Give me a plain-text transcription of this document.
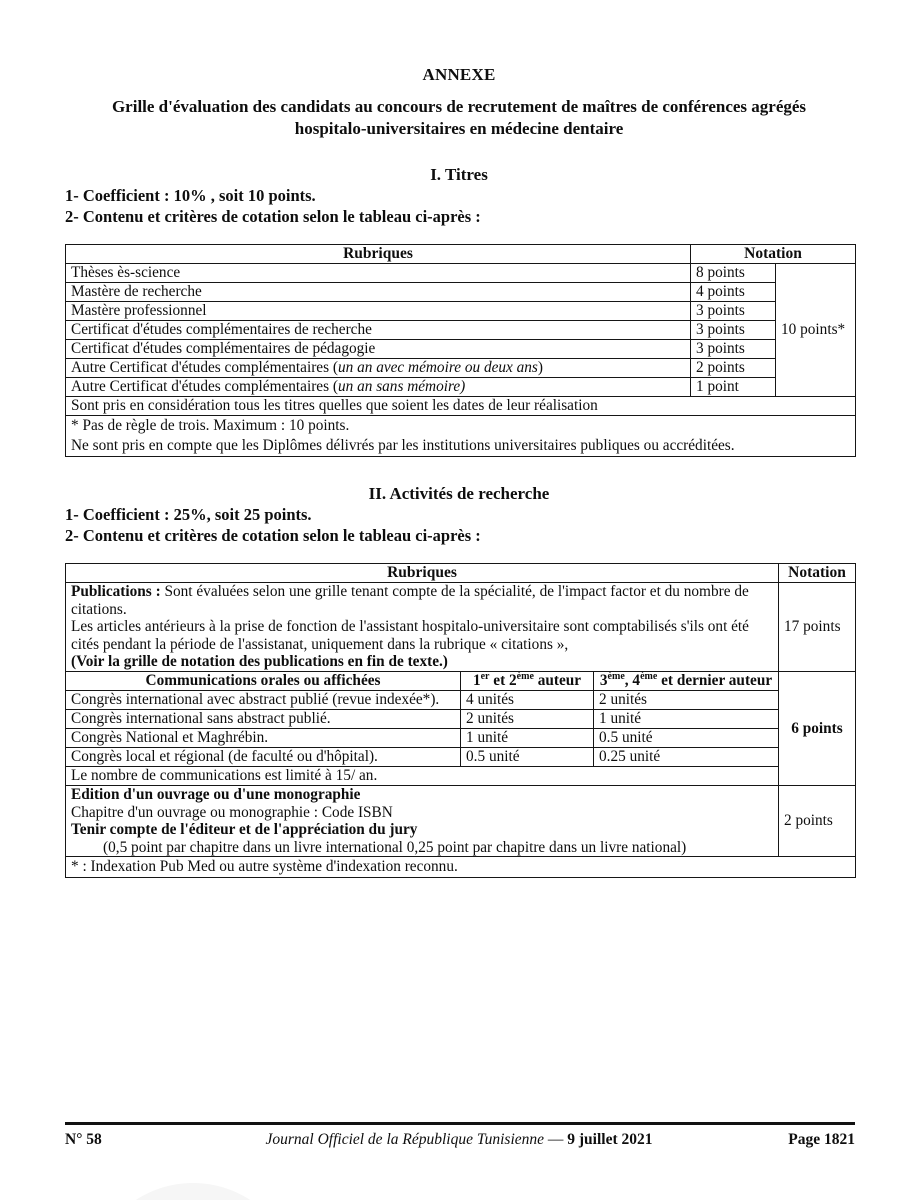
ANNEXE
Grille d'évaluation des candidats au concours de recrutement de maîtres de conférences agrégés
hospitalo-universitaires en médecine dentaire
I. Titres
1- Coefficient : 10% , soit 10 points.
2- Contenu et critères de cotation selon le tableau ci-après :
Rubriques	Notation	
Thèses ès-science	8 points	10 points*
Mastère de recherche	4 points	
Mastère professionnel	3 points	
Certificat d'études complémentaires de recherche	3 points	
Certificat d'études complémentaires de pédagogie	3 points	
Autre Certificat d'études complémentaires (un an avec mémoire ou deux ans)	2 points	
Autre Certificat d'études complémentaires (un an sans mémoire)	1 point	
Sont pris en considération tous les titres quelles que soient les dates de leur réalisation		

* Pas de règle de trois. Maximum : 10 points.
Ne sont pris en compte que les Diplômes délivrés par les institutions universitaires publiques ou accréditées.		
II. Activités de recherche
1- Coefficient : 25%, soit 25 points.
2- Contenu et critères de cotation selon le tableau ci-après :
Rubriques			Notation

Publications : Sont évaluées selon une grille tenant compte de la spécialité, de l'impact factor et du nombre de citations.
Les articles antérieurs à la prise de fonction de l'assistant hospitalo-universitaire sont comptabilisés s'ils ont été cités pendant la période de l'assistanat, uniquement dans la rubrique « citations »,
(Voir la grille de notation des publications en fin de texte.)			17 points
Communications orales ou affichées	1er et 2ème auteur	3ème, 4ème et dernier auteur	6 points
Congrès international avec abstract publié (revue indexée*).	4 unités	2 unités	
Congrès international sans abstract publié.	2 unités	1 unité	
Congrès National et Maghrébin.	1 unité	0.5 unité	
Congrès local et régional (de faculté ou d'hôpital).	0.5 unité	0.25 unité	
Le nombre de communications est limité à 15/ an.			

Edition d'un ouvrage ou d'une monographie
Chapitre d'un ouvrage ou monographie : Code ISBN
Tenir compte de l'éditeur et de l'appréciation du jury
(0,5 point par chapitre dans un livre international 0,25 point par chapitre dans un livre national)			2 points
* : Indexation Pub Med ou autre système d'indexation reconnu.			
N° 58	Journal Officiel de la République Tunisienne — 9 juillet 2021	Page 1821
